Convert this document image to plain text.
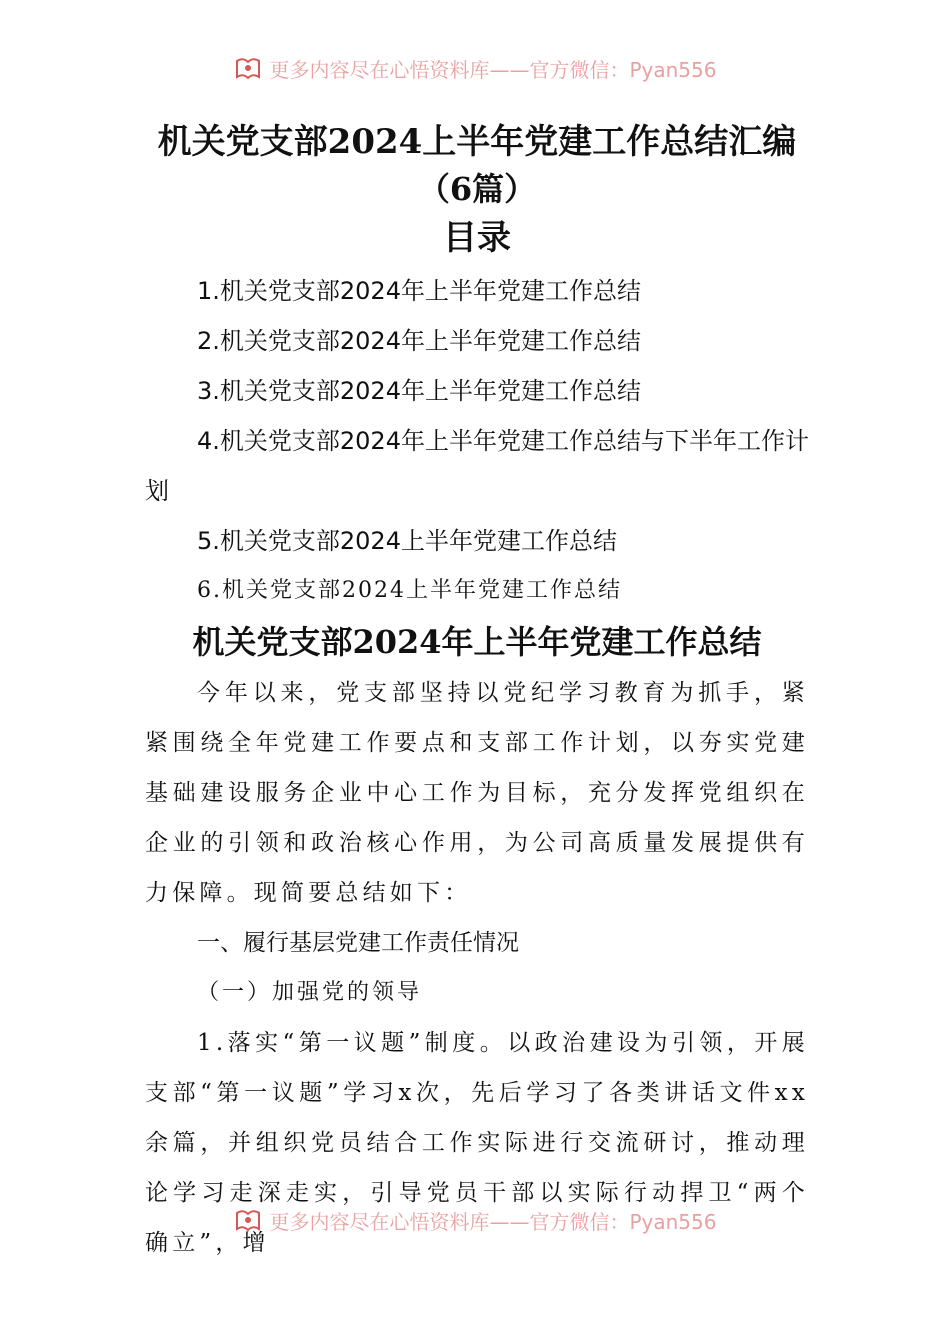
更多内容尽在心悟资料库——官方微信：Pyan556
机关党支部2024上半年党建工作总结汇编
（6篇）
目录
1.机关党支部2024年上半年党建工作总结
2.机关党支部2024年上半年党建工作总结
3.机关党支部2024年上半年党建工作总结
4.机关党支部2024年上半年党建工作总结与下半年工作计划
5.机关党支部2024上半年党建工作总结
6.机关党支部2024上半年党建工作总结
机关党支部2024年上半年党建工作总结
今年以来，党支部坚持以党纪学习教育为抓手，紧紧围绕全年党建工作要点和支部工作计划，以夯实党建基础建设服务企业中心工作为目标，充分发挥党组织在企业的引领和政治核心作用，为公司高质量发展提供有力保障。现简要总结如下：
一、履行基层党建工作责任情况
（一）加强党的领导
1.落实“第一议题”制度。以政治建设为引领，开展支部“第一议题”学习x次，先后学习了各类讲话文件xx余篇，并组织党员结合工作实际进行交流研讨，推动理论学习走深走实，引导党员干部以实际行动捍卫“两个确立”，增
更多内容尽在心悟资料库——官方微信：Pyan556
